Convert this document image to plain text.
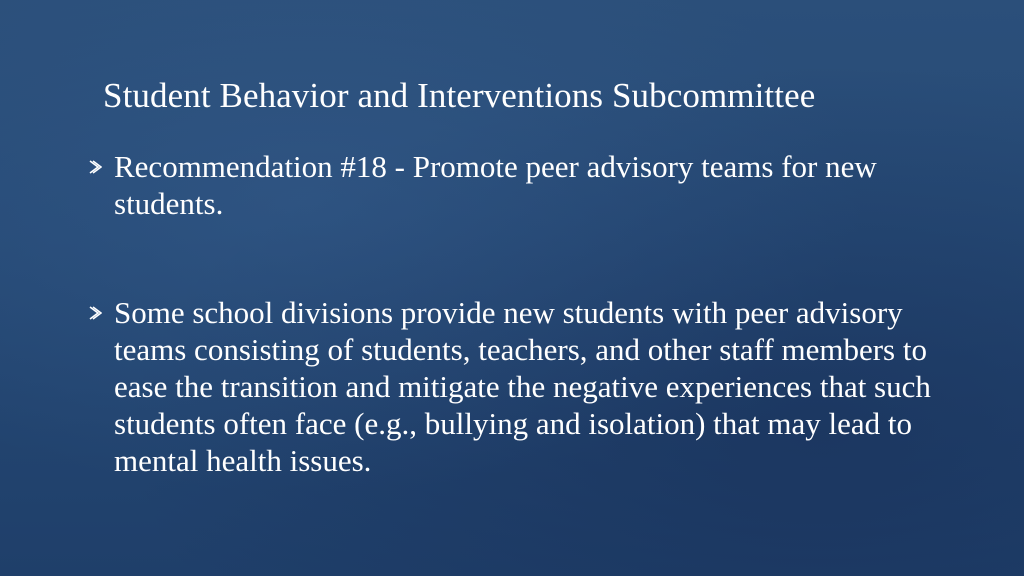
Student Behavior and Interventions Subcommittee
Recommendation #18 - Promote peer advisory teams for new students.
Some school divisions provide new students with peer advisory teams consisting of students, teachers, and other staff members to ease the transition and mitigate the negative experiences that such students often face (e.g., bullying and isolation) that may lead to mental health issues.
